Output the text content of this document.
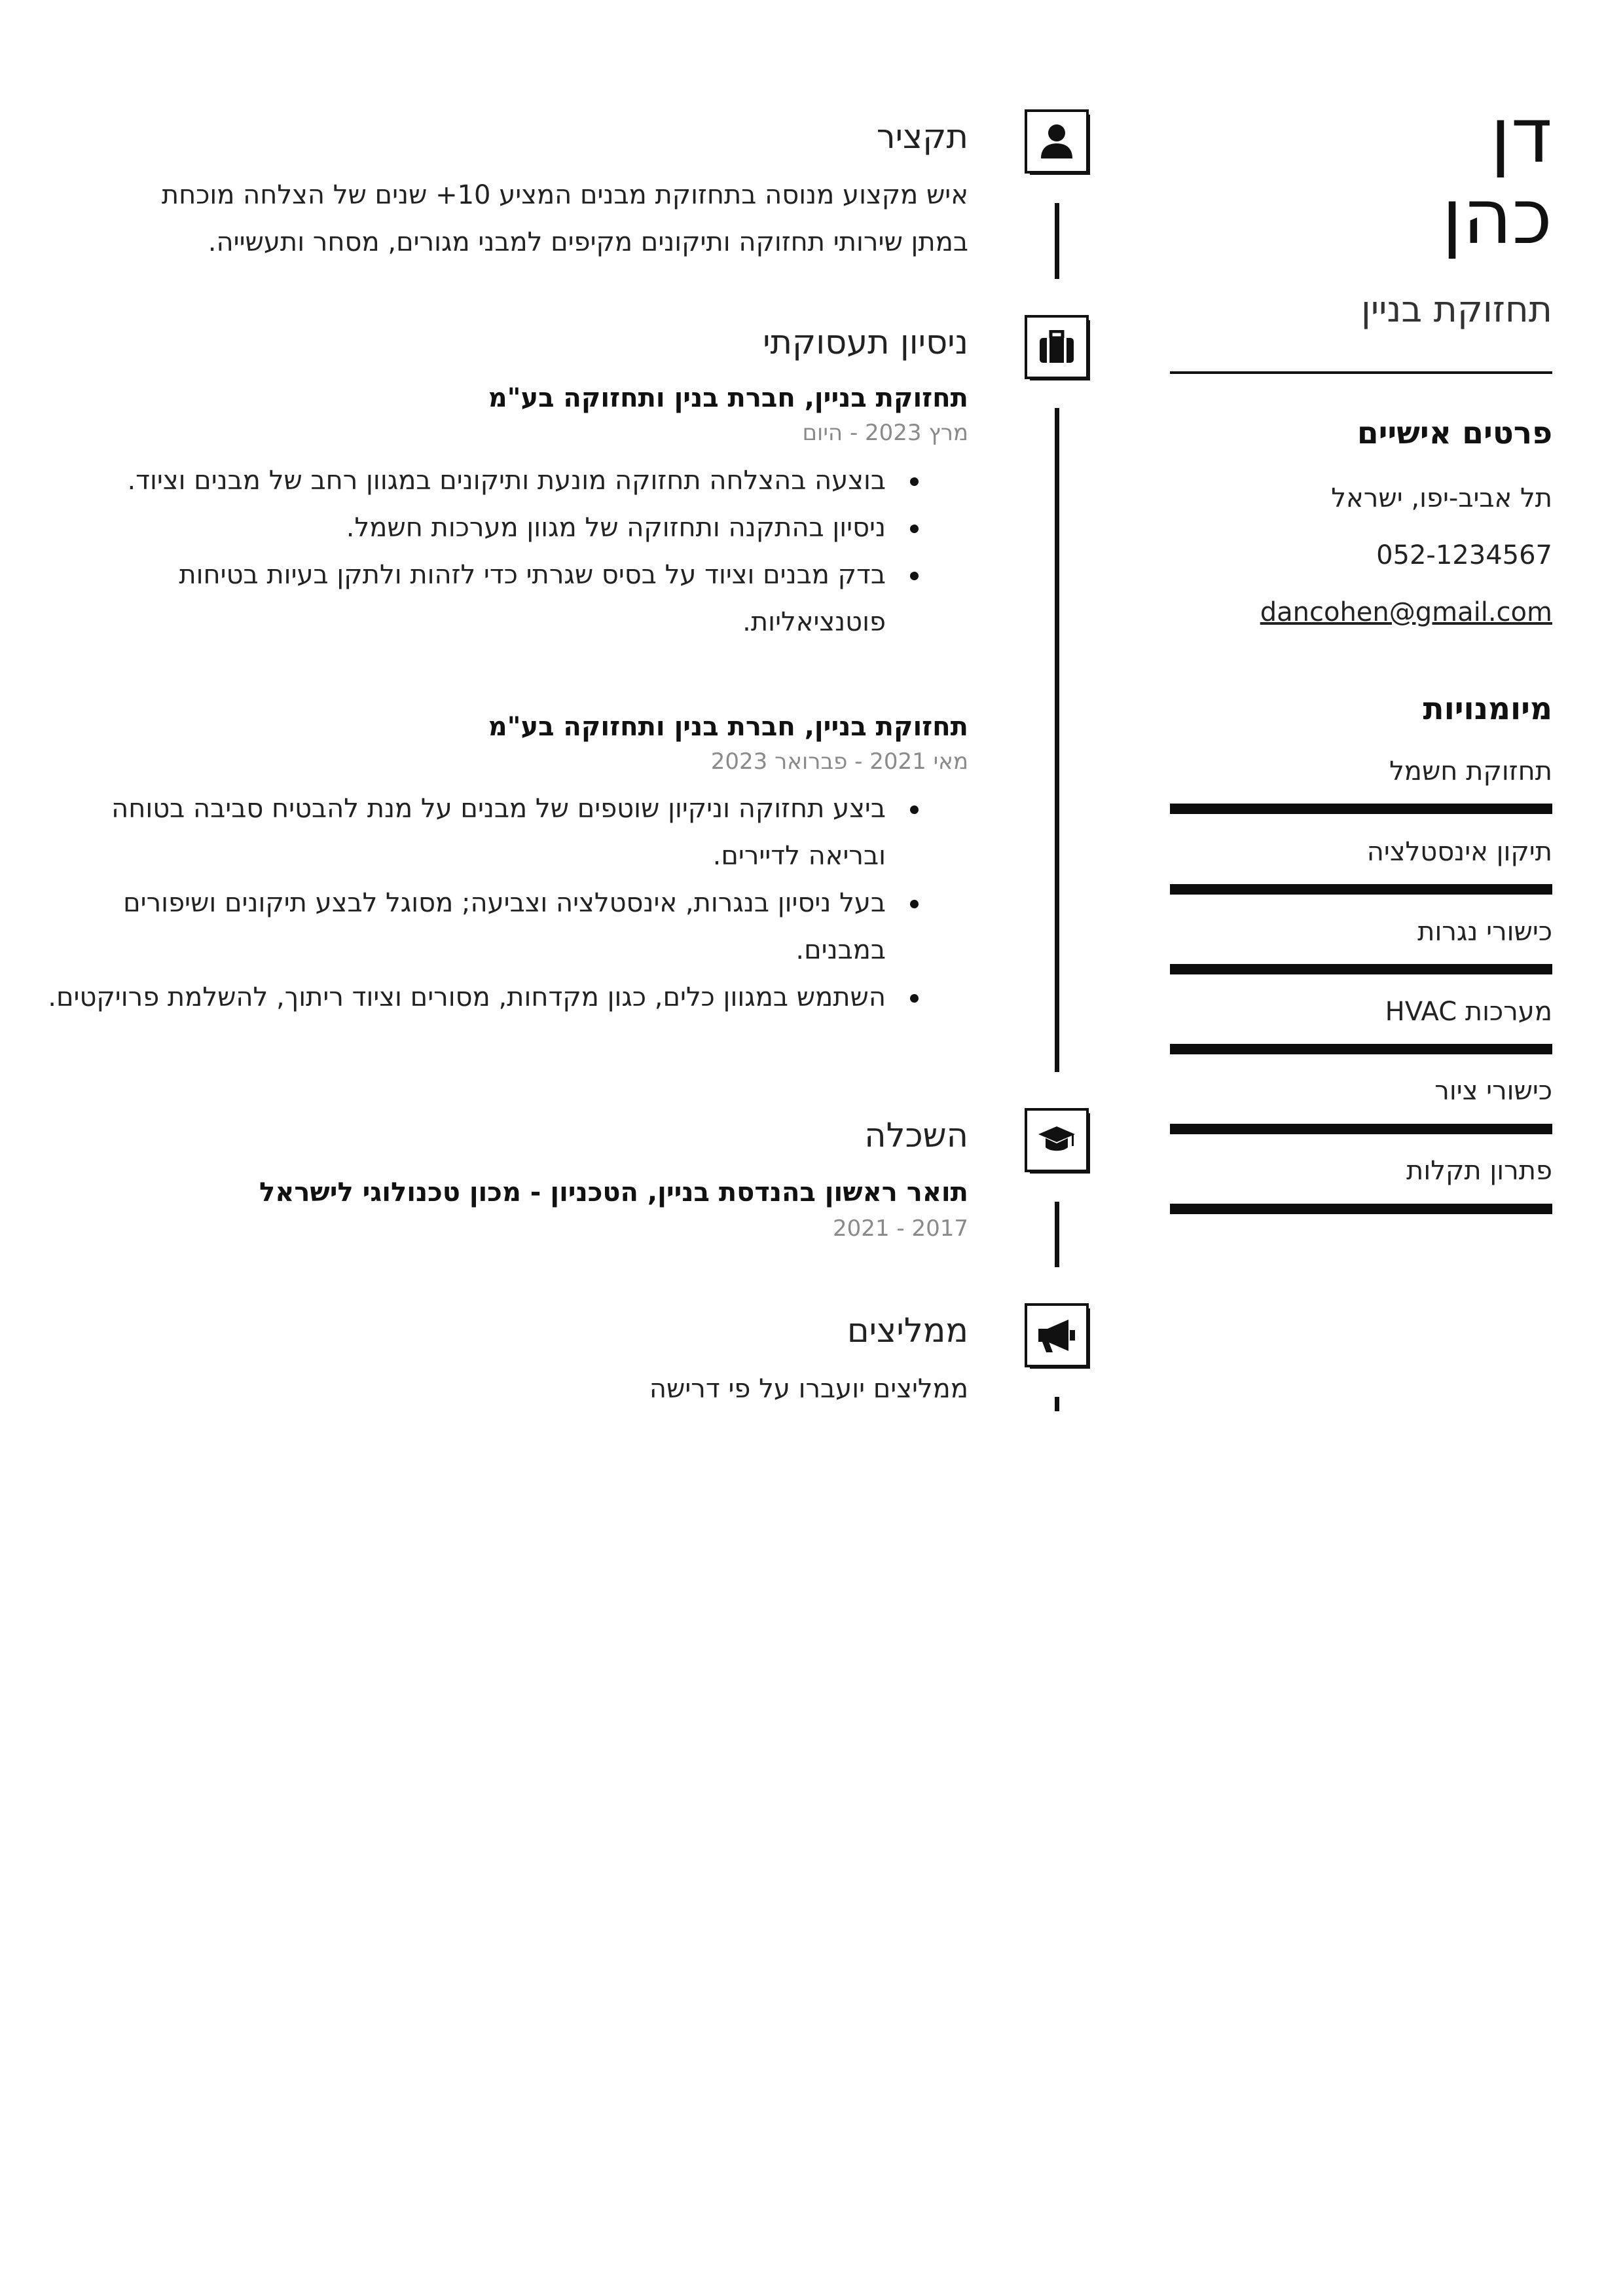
דן
כהן
תחזוקת בניין
פרטים אישיים
תל אביב-יפו, ישראל
052-1234567
dancohen@gmail.com
מיומנויות
תחזוקת חשמל
תיקון אינסטלציה
כישורי נגרות
מערכות HVAC
כישורי ציור
פתרון תקלות
תקציר
איש מקצוע מנוסה בתחזוקת מבנים המציע 10+ שנים של הצלחה מוכחת במתן שירותי תחזוקה ותיקונים מקיפים למבני מגורים, מסחר ותעשייה.
ניסיון תעסוקתי
תחזוקת בניין, חברת בנין ותחזוקה בע"מ
מרץ 2023 - היום
בוצעה בהצלחה תחזוקה מונעת ותיקונים במגוון רחב של מבנים וציוד.
ניסיון בהתקנה ותחזוקה של מגוון מערכות חשמל.
בדק מבנים וציוד על בסיס שגרתי כדי לזהות ולתקן בעיות בטיחות פוטנציאליות.
תחזוקת בניין, חברת בנין ותחזוקה בע"מ
מאי 2021 - פברואר 2023
ביצע תחזוקה וניקיון שוטפים של מבנים על מנת להבטיח סביבה בטוחה ובריאה לדיירים.
בעל ניסיון בנגרות, אינסטלציה וצביעה; מסוגל לבצע תיקונים ושיפורים במבנים.
השתמש במגוון כלים, כגון מקדחות, מסורים וציוד ריתוך, להשלמת פרויקטים.
השכלה
תואר ראשון בהנדסת בניין, הטכניון - מכון טכנולוגי לישראל
2017 - 2021
ממליצים
ממליצים יועברו על פי דרישה
